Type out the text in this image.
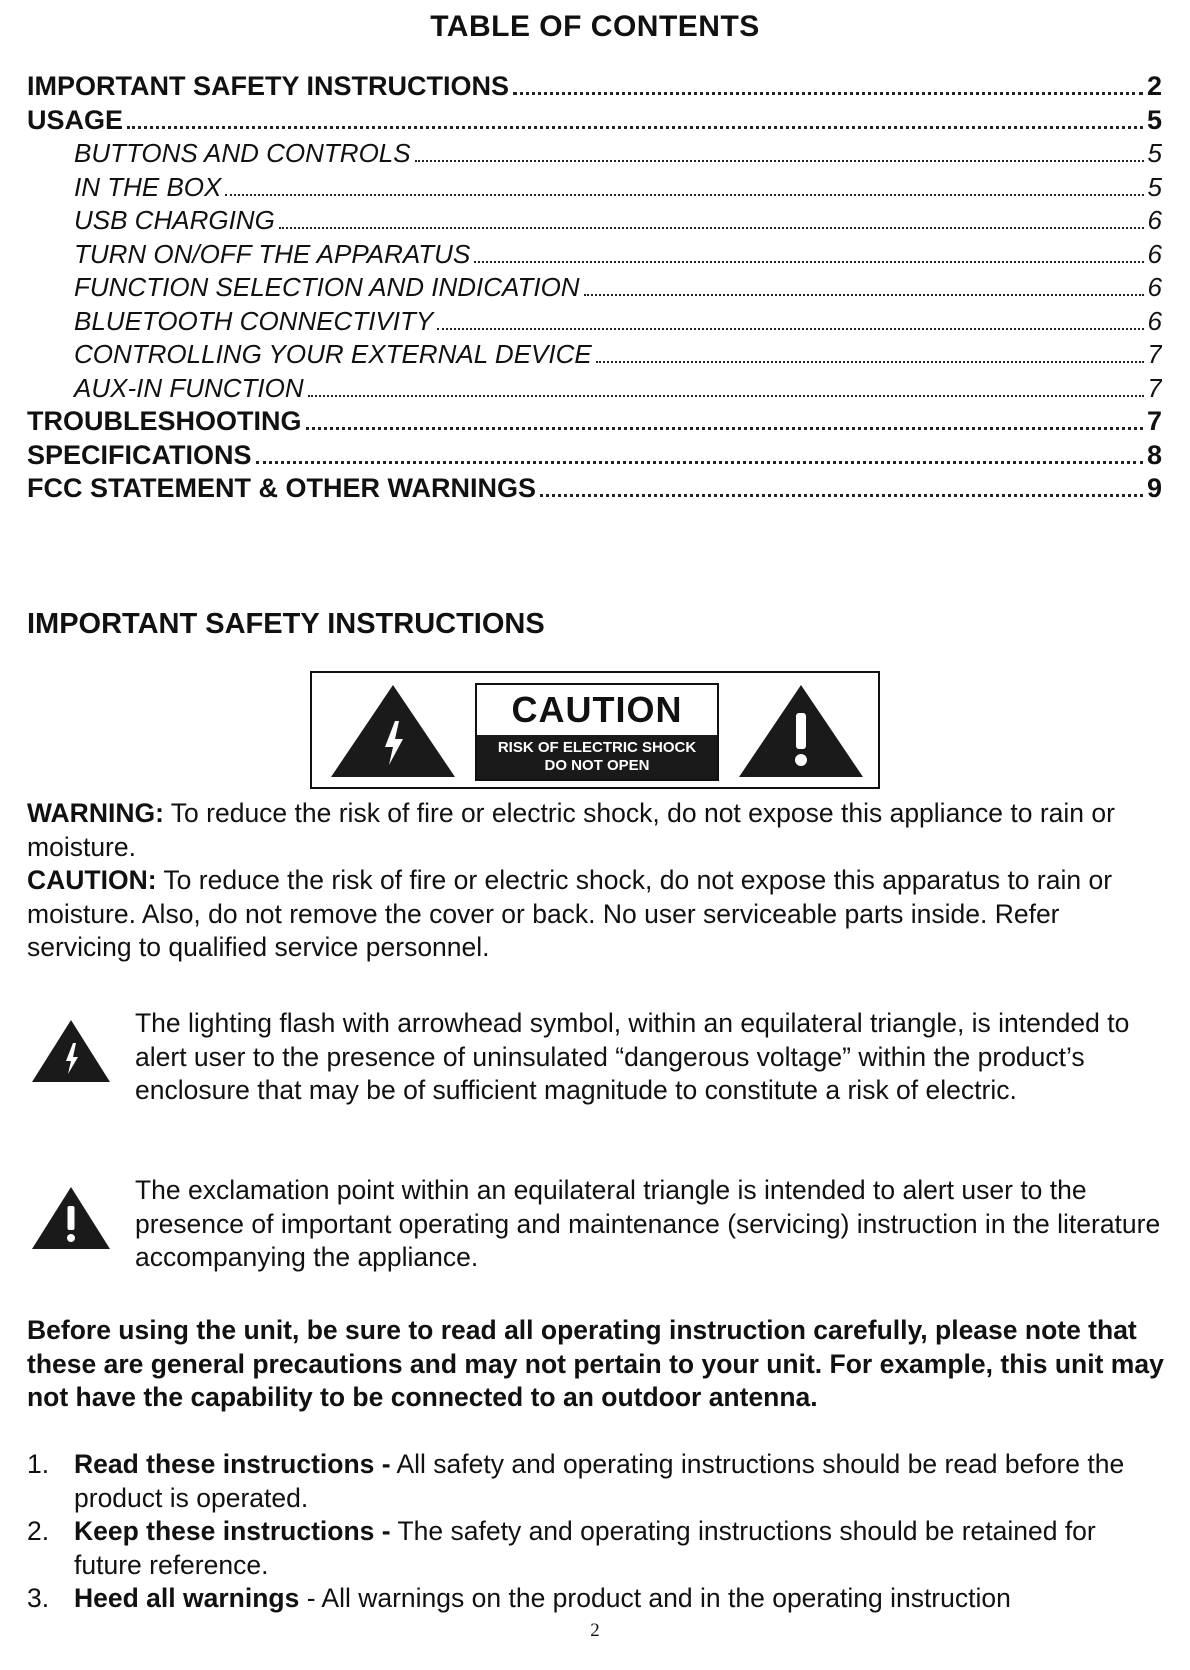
TABLE OF CONTENTS
IMPORTANT SAFETY INSTRUCTIONS	2
USAGE	5
BUTTONS AND CONTROLS	5
IN THE BOX	5
USB CHARGING	6
TURN ON/OFF THE APPARATUS	6
FUNCTION SELECTION AND INDICATION	6
BLUETOOTH CONNECTIVITY	6
CONTROLLING YOUR EXTERNAL DEVICE	7
AUX-IN FUNCTION	7
TROUBLESHOOTING	7
SPECIFICATIONS	8
FCC STATEMENT & OTHER WARNINGS	9
IMPORTANT SAFETY INSTRUCTIONS
CAUTION
RISK OF ELECTRIC SHOCK
DO NOT OPEN
WARNING: To reduce the risk of fire or electric shock, do not expose this appliance to rain or moisture.
CAUTION: To reduce the risk of fire or electric shock, do not expose this apparatus to rain or moisture. Also, do not remove the cover or back. No user serviceable parts inside. Refer servicing to qualified service personnel.
The lighting flash with arrowhead symbol, within an equilateral triangle, is intended to alert user to the presence of uninsulated “dangerous voltage” within the product’s enclosure that may be of sufficient magnitude to constitute a risk of electric.
The exclamation point within an equilateral triangle is intended to alert user to the presence of important operating and maintenance (servicing) instruction in the literature accompanying the appliance.
Before using the unit, be sure to read all operating instruction carefully, please note that these are general precautions and may not pertain to your unit. For example, this unit may not have the capability to be connected to an outdoor antenna.
1. Read these instructions - All safety and operating instructions should be read before the product is operated.
2. Keep these instructions - The safety and operating instructions should be retained for future reference.
3. Heed all warnings - All warnings on the product and in the operating instruction
2
